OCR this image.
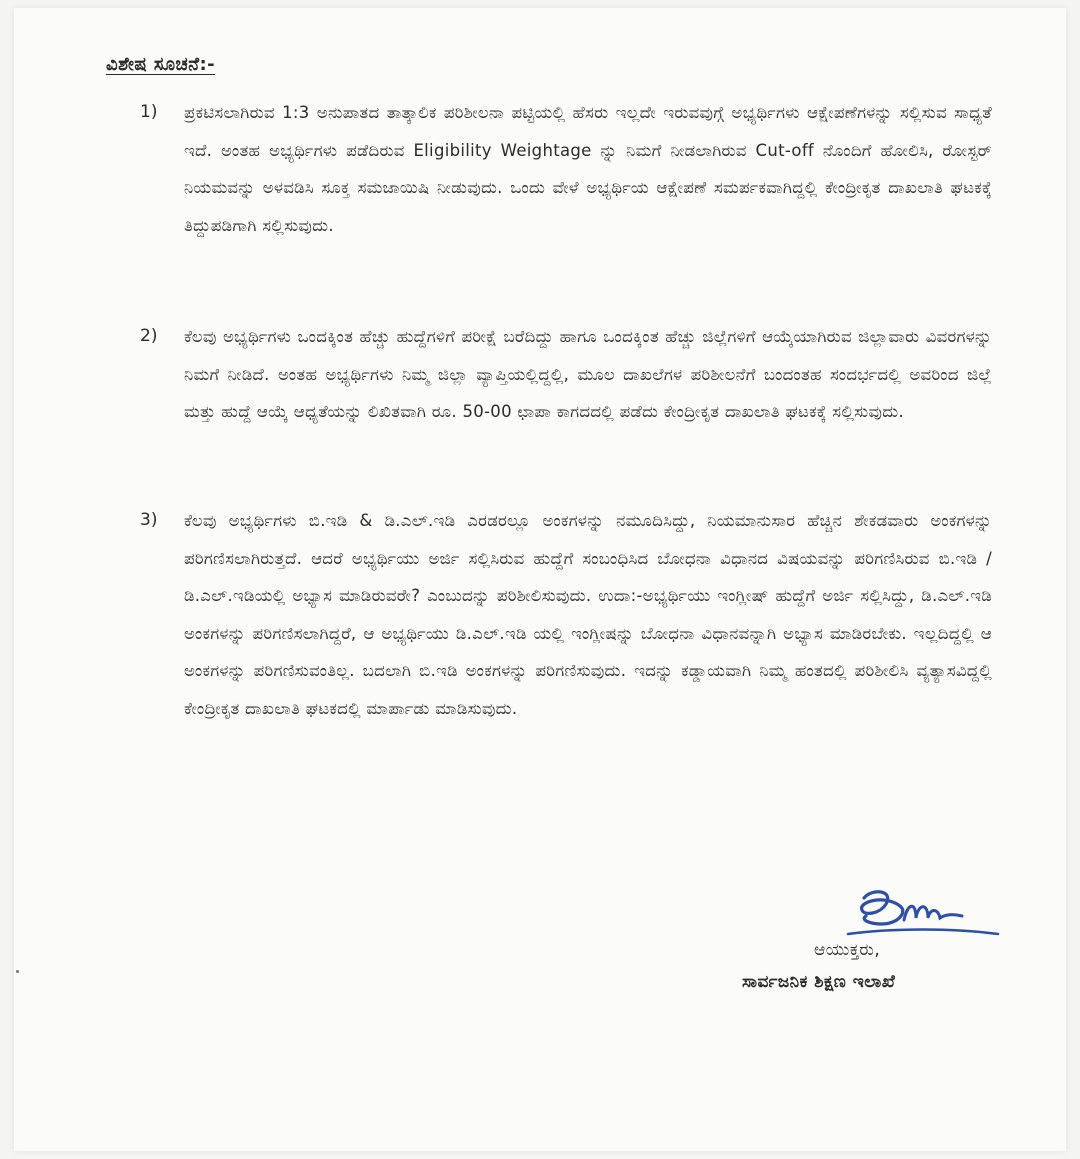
ವಿಶೇಷ ಸೂಚನೆ:-
1) ಪ್ರಕಟಿಸಲಾಗಿರುವ 1:3 ಅನುಪಾತದ ತಾತ್ಕಾಲಿಕ ಪರಿಶೀಲನಾ ಪಟ್ಟಿಯಲ್ಲಿ ಹೆಸರು ಇಲ್ಲದೇ ಇರುವವುಗ್ಗೆ ಅಭ್ಯರ್ಥಿಗಳು ಆಕ್ಷೇಪಣೆಗಳನ್ನು ಸಲ್ಲಿಸುವ ಸಾಧ್ಯತೆ ಇದೆ. ಅಂತಹ ಅಭ್ಯರ್ಥಿಗಳು ಪಡೆದಿರುವ Eligibility Weightage ನ್ನು ನಿಮಗೆ ನೀಡಲಾಗಿರುವ Cut-off ನೊಂದಿಗೆ ಹೋಲಿಸಿ, ರೋಸ್ಟರ್ ನಿಯಮವನ್ನು ಅಳವಡಿಸಿ ಸೂಕ್ತ ಸಮಜಾಯಿಷಿ ನೀಡುವುದು. ಒಂದು ವೇಳೆ ಅಭ್ಯರ್ಥಿಯ ಆಕ್ಷೇಪಣೆ ಸಮರ್ಪಕವಾಗಿದ್ದಲ್ಲಿ ಕೇಂದ್ರೀಕೃತ ದಾಖಲಾತಿ ಘಟಕಕ್ಕೆ ತಿದ್ದುಪಡಿಗಾಗಿ ಸಲ್ಲಿಸುವುದು.
2) ಕೆಲವು ಅಭ್ಯರ್ಥಿಗಳು ಒಂದಕ್ಕಿಂತ ಹೆಚ್ಚು ಹುದ್ದೆಗಳಿಗೆ ಪರೀಕ್ಷೆ ಬರೆದಿದ್ದು ಹಾಗೂ ಒಂದಕ್ಕಿಂತ ಹೆಚ್ಚು ಜಿಲ್ಲೆಗಳಿಗೆ ಆಯ್ಕೆಯಾಗಿರುವ ಜಿಲ್ಲಾವಾರು ವಿವರಗಳನ್ನು ನಿಮಗೆ ನೀಡಿದೆ. ಅಂತಹ ಅಭ್ಯರ್ಥಿಗಳು ನಿಮ್ಮ ಜಿಲ್ಲಾ ವ್ಯಾಪ್ತಿಯಲ್ಲಿದ್ದಲ್ಲಿ, ಮೂಲ ದಾಖಲೆಗಳ ಪರಿಶೀಲನೆಗೆ ಬಂದಂತಹ ಸಂದರ್ಭದಲ್ಲಿ ಅವರಿಂದ ಜಿಲ್ಲೆ ಮತ್ತು ಹುದ್ದೆ ಆಯ್ಕೆ ಆಧ್ಯತೆಯನ್ನು ಲಿಖಿತವಾಗಿ ರೂ. 50-00 ಛಾಪಾ ಕಾಗದದಲ್ಲಿ ಪಡೆದು ಕೇಂದ್ರೀಕೃತ ದಾಖಲಾತಿ ಘಟಕಕ್ಕೆ ಸಲ್ಲಿಸುವುದು.
3) ಕೆಲವು ಅಭ್ಯರ್ಥಿಗಳು ಬಿ.ಇಡಿ & ಡಿ.ಎಲ್.ಇಡಿ ಎರಡರಲ್ಲೂ ಅಂಕಗಳನ್ನು ನಮೂದಿಸಿದ್ದು, ನಿಯಮಾನುಸಾರ ಹೆಚ್ಚಿನ ಶೇಕಡವಾರು ಅಂಕಗಳನ್ನು ಪರಿಗಣಿಸಲಾಗಿರುತ್ತದೆ. ಆದರೆ ಅಭ್ಯರ್ಥಿಯು ಅರ್ಜಿ ಸಲ್ಲಿಸಿರುವ ಹುದ್ದೆಗೆ ಸಂಬಂಧಿಸಿದ ಬೋಧನಾ ವಿಧಾನದ ವಿಷಯವನ್ನು ಪರಿಗಣಿಸಿರುವ ಬಿ.ಇಡಿ / ಡಿ.ಎಲ್.ಇಡಿಯಲ್ಲಿ ಅಭ್ಯಾಸ ಮಾಡಿರುವರೇ? ಎಂಬುದನ್ನು ಪರಿಶೀಲಿಸುವುದು. ಉದಾ:-ಅಭ್ಯರ್ಥಿಯು ಇಂಗ್ಲೀಷ್ ಹುದ್ದೆಗೆ ಅರ್ಜಿ ಸಲ್ಲಿಸಿದ್ದು, ಡಿ.ಎಲ್.ಇಡಿ ಅಂಕಗಳನ್ನು ಪರಿಗಣಿಸಲಾಗಿದ್ದರೆ, ಆ ಅಭ್ಯರ್ಥಿಯು ಡಿ.ಎಲ್.ಇಡಿ ಯಲ್ಲಿ ಇಂಗ್ಲೀಷನ್ನು ಬೋಧನಾ ವಿಧಾನವನ್ನಾಗಿ ಅಭ್ಯಾಸ ಮಾಡಿರಬೇಕು. ಇಲ್ಲದಿದ್ದಲ್ಲಿ ಆ ಅಂಕಗಳನ್ನು ಪರಿಗಣಿಸುವಂತಿಲ್ಲ. ಬದಲಾಗಿ ಬಿ.ಇಡಿ ಅಂಕಗಳನ್ನು ಪರಿಗಣಿಸುವುದು. ಇದನ್ನು ಕಡ್ಡಾಯವಾಗಿ ನಿಮ್ಮ ಹಂತದಲ್ಲಿ ಪರಿಶೀಲಿಸಿ ವ್ಯತ್ಯಾಸವಿದ್ದಲ್ಲಿ ಕೇಂದ್ರೀಕೃತ ದಾಖಲಾತಿ ಘಟಕದಲ್ಲಿ ಮಾರ್ಪಾಡು ಮಾಡಿಸುವುದು.
ಆಯುಕ್ತರು,
ಸಾರ್ವಜನಿಕ ಶಿಕ್ಷಣ ಇಲಾಖೆ
